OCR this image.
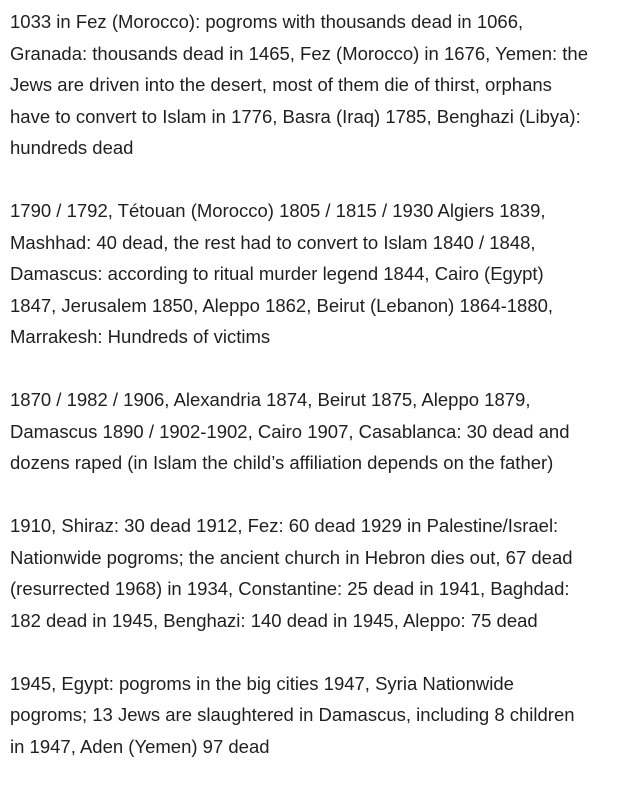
1033 in Fez (Morocco): pogroms with thousands dead in 1066,
Granada: thousands dead in 1465, Fez (Morocco) in 1676, Yemen: the
Jews are driven into the desert, most of them die of thirst, orphans
have to convert to Islam in 1776, Basra (Iraq) 1785, Benghazi (Libya):
hundreds dead
1790 / 1792, Tétouan (Morocco) 1805 / 1815 / 1930 Algiers 1839,
Mashhad: 40 dead, the rest had to convert to Islam 1840 / 1848,
Damascus: according to ritual murder legend 1844, Cairo (Egypt)
1847, Jerusalem 1850, Aleppo 1862, Beirut (Lebanon) 1864-1880,
Marrakesh: Hundreds of victims
1870 / 1982 / 1906, Alexandria 1874, Beirut 1875, Aleppo 1879,
Damascus 1890 / 1902-1902, Cairo 1907, Casablanca: 30 dead and
dozens raped (in Islam the child’s affiliation depends on the father)
1910, Shiraz: 30 dead 1912, Fez: 60 dead 1929 in Palestine/Israel:
Nationwide pogroms; the ancient church in Hebron dies out, 67 dead
(resurrected 1968) in 1934, Constantine: 25 dead in 1941, Baghdad:
182 dead in 1945, Benghazi: 140 dead in 1945, Aleppo: 75 dead
1945, Egypt: pogroms in the big cities 1947, Syria Nationwide
pogroms; 13 Jews are slaughtered in Damascus, including 8 children
in 1947, Aden (Yemen) 97 dead
